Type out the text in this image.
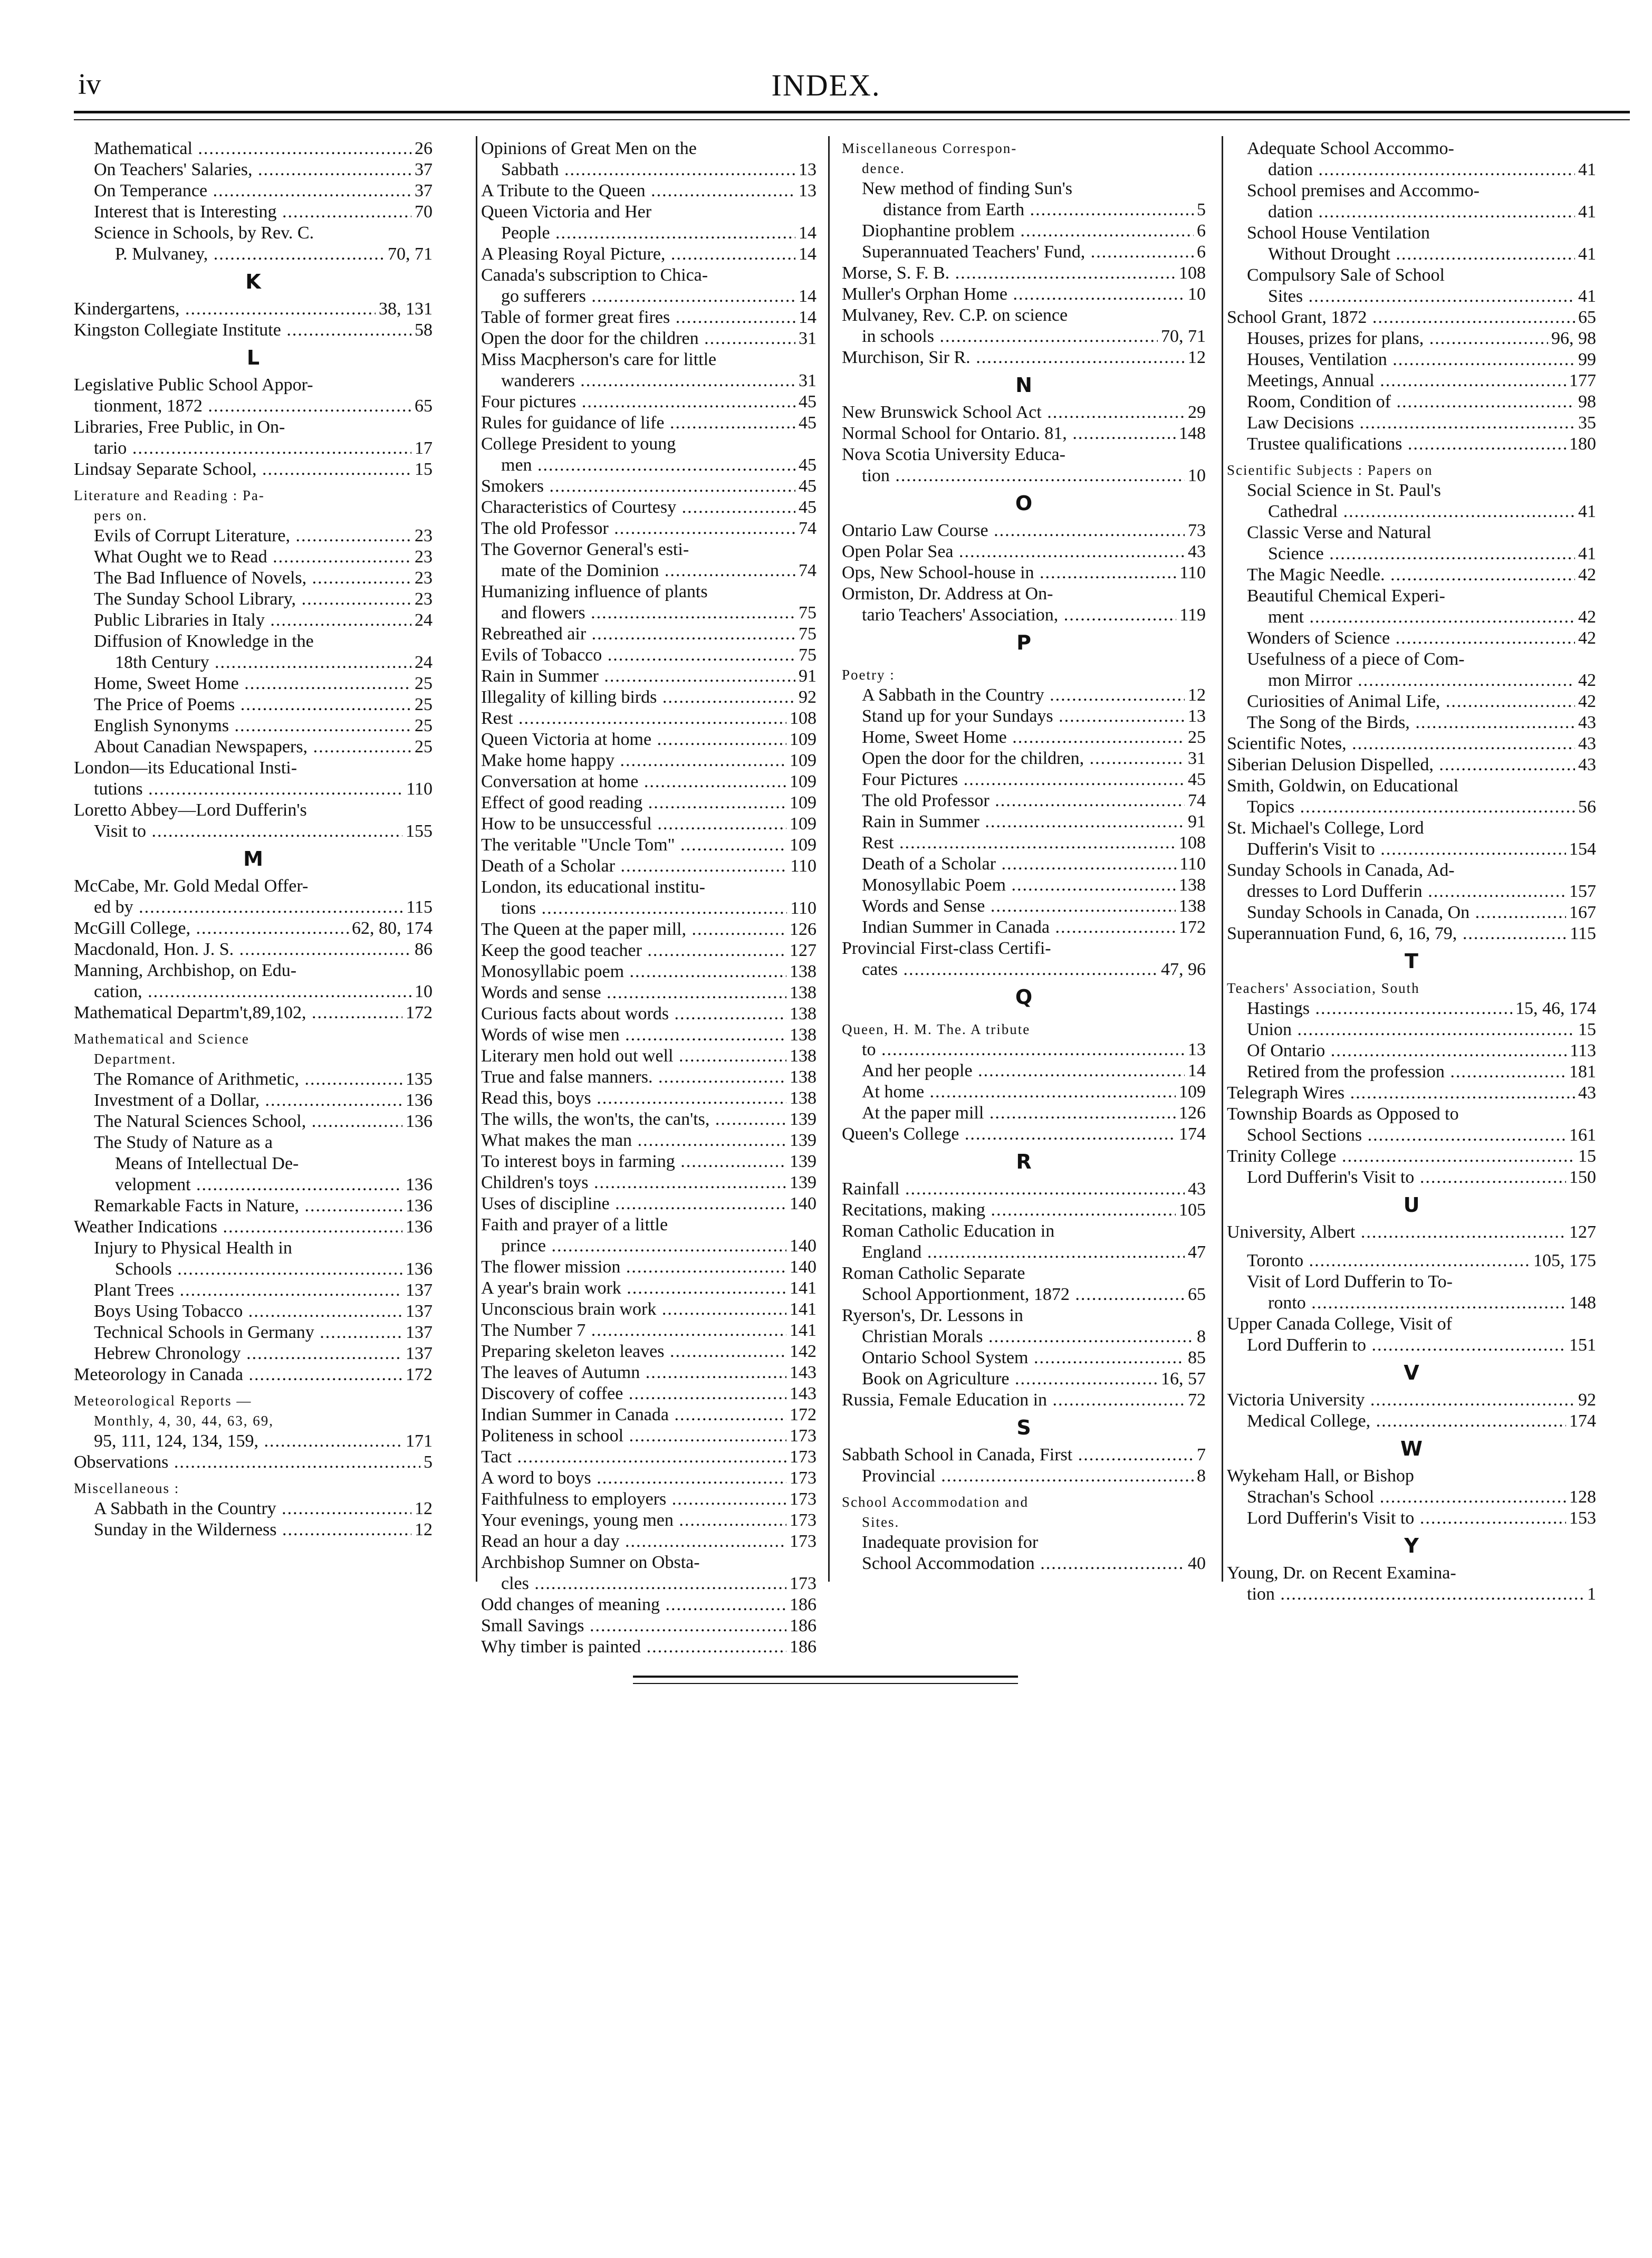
iv	INDEX.
Mathematical .....	26
On Teachers' Salaries, .....	37
On Temperance .....	37
Interest that is Interesting .....	70
Science in Schools, by Rev. C.
P. Mulvaney, .....	70, 71
K
Kindergartens, .....	38, 131
Kingston Collegiate Institute .....	58
L
Legislative Public School Appor-
tionment, 1872 .....	65
Libraries, Free Public, in On-
tario .....	17
Lindsay Separate School, .....	15
Literature and Reading : Pa-
pers on.
Evils of Corrupt Literature, .....	23
What Ought we to Read .....	23
The Bad Influence of Novels, .....	23
The Sunday School Library, .....	23
Public Libraries in Italy .....	24
Diffusion of Knowledge in the
18th Century .....	24
Home, Sweet Home .....	25
The Price of Poems .....	25
English Synonyms .....	25
About Canadian Newspapers, .....	25
London—its Educational Insti-
tutions .....	110
Loretto Abbey—Lord Dufferin's
Visit to .....	155
M
McCabe, Mr. Gold Medal Offer-
ed by .....	115
McGill College, .....	62, 80, 174
Macdonald, Hon. J. S. .....	86
Manning, Archbishop, on Edu-
cation, .....	10
Mathematical Departm't,89,102, .....	172
Mathematical and Science
Department.
The Romance of Arithmetic, .....	135
Investment of a Dollar, .....	136
The Natural Sciences School, .....	136
The Study of Nature as a
Means of Intellectual De-
velopment .....	136
Remarkable Facts in Nature, .....	136
Weather Indications .....	136
Injury to Physical Health in
Schools .....	136
Plant Trees .....	137
Boys Using Tobacco .....	137
Technical Schools in Germany .....	137
Hebrew Chronology .....	137
Meteorology in Canada .....	172
Meteorological Reports —
Monthly, 4, 30, 44, 63, 69,
95, 111, 124, 134, 159, .....	171
Observations .....	5
Miscellaneous :
A Sabbath in the Country .....	12
Sunday in the Wilderness .....	12
Opinions of Great Men on the
Sabbath .....	13
A Tribute to the Queen .....	13
Queen Victoria and Her
People .....	14
A Pleasing Royal Picture, .....	14
Canada's subscription to Chica-
go sufferers .....	14
Table of former great fires .....	14
Open the door for the children .....	31
Miss Macpherson's care for little
wanderers .....	31
Four pictures .....	45
Rules for guidance of life .....	45
College President to young
men .....	45
Smokers .....	45
Characteristics of Courtesy .....	45
The old Professor .....	74
The Governor General's esti-
mate of the Dominion .....	74
Humanizing influence of plants
and flowers .....	75
Rebreathed air .....	75
Evils of Tobacco .....	75
Rain in Summer .....	91
Illegality of killing birds .....	92
Rest .....	108
Queen Victoria at home .....	109
Make home happy .....	109
Conversation at home .....	109
Effect of good reading .....	109
How to be unsuccessful .....	109
The veritable "Uncle Tom" .....	109
Death of a Scholar .....	110
London, its educational institu-
tions .....	110
The Queen at the paper mill, .....	126
Keep the good teacher .....	127
Monosyllabic poem .....	138
Words and sense .....	138
Curious facts about words .....	138
Words of wise men .....	138
Literary men hold out well .....	138
True and false manners. .....	138
Read this, boys .....	138
The wills, the won'ts, the can'ts, .....	139
What makes the man .....	139
To interest boys in farming .....	139
Children's toys .....	139
Uses of discipline .....	140
Faith and prayer of a little
prince .....	140
The flower mission .....	140
A year's brain work .....	141
Unconscious brain work .....	141
The Number 7 .....	141
Preparing skeleton leaves .....	142
The leaves of Autumn .....	143
Discovery of coffee .....	143
Indian Summer in Canada .....	172
Politeness in school .....	173
Tact .....	173
A word to boys .....	173
Faithfulness to employers .....	173
Your evenings, young men .....	173
Read an hour a day .....	173
Archbishop Sumner on Obsta-
cles .....	173
Odd changes of meaning .....	186
Small Savings .....	186
Why timber is painted .....	186
Miscellaneous Correspon-
dence.
New method of finding Sun's
distance from Earth .....	5
Diophantine problem .....	6
Superannuated Teachers' Fund, .....	6
Morse, S. F. B. .....	108
Muller's Orphan Home .....	10
Mulvaney, Rev. C.P. on science
in schools .....	70, 71
Murchison, Sir R. .....	12
N
New Brunswick School Act .....	29
Normal School for Ontario. 81, .....	148
Nova Scotia University Educa-
tion .....	10
O
Ontario Law Course .....	73
Open Polar Sea .....	43
Ops, New School-house in .....	110
Ormiston, Dr. Address at On-
tario Teachers' Association, .....	119
P
Poetry :
A Sabbath in the Country .....	12
Stand up for your Sundays .....	13
Home, Sweet Home .....	25
Open the door for the children, .....	31
Four Pictures .....	45
The old Professor .....	74
Rain in Summer .....	91
Rest .....	108
Death of a Scholar .....	110
Monosyllabic Poem .....	138
Words and Sense .....	138
Indian Summer in Canada .....	172
Provincial First-class Certifi-
cates .....	47, 96
Q
Queen, H. M. The. A tribute
to .....	13
And her people .....	14
At home .....	109
At the paper mill .....	126
Queen's College .....	174
R
Rainfall .....	43
Recitations, making .....	105
Roman Catholic Education in
England .....	47
Roman Catholic Separate
School Apportionment, 1872 .....	65
Ryerson's, Dr. Lessons in
Christian Morals .....	8
Ontario School System .....	85
Book on Agriculture .....	16, 57
Russia, Female Education in .....	72
S
Sabbath School in Canada, First .....	7
Provincial .....	8
School Accommodation and
Sites.
Inadequate provision for
School Accommodation .....	40
Adequate School Accommo-
dation .....	41
School premises and Accommo-
dation .....	41
School House Ventilation
Without Drought .....	41
Compulsory Sale of School
Sites .....	41
School Grant, 1872 .....	65
Houses, prizes for plans, .....	96, 98
Houses, Ventilation .....	99
Meetings, Annual .....	177
Room, Condition of .....	98
Law Decisions .....	35
Trustee qualifications .....	180
Scientific Subjects : Papers on
Social Science in St. Paul's
Cathedral .....	41
Classic Verse and Natural
Science .....	41
The Magic Needle. .....	42
Beautiful Chemical Experi-
ment .....	42
Wonders of Science .....	42
Usefulness of a piece of Com-
mon Mirror .....	42
Curiosities of Animal Life, .....	42
The Song of the Birds, .....	43
Scientific Notes, .....	43
Siberian Delusion Dispelled, .....	43
Smith, Goldwin, on Educational
Topics .....	56
St. Michael's College, Lord
Dufferin's Visit to .....	154
Sunday Schools in Canada, Ad-
dresses to Lord Dufferin .....	157
Sunday Schools in Canada, On .....	167
Superannuation Fund, 6, 16, 79, .....	115
T
Teachers' Association, South
Hastings .....	15, 46, 174
Union .....	15
Of Ontario .....	113
Retired from the profession .....	181
Telegraph Wires .....	43
Township Boards as Opposed to
School Sections .....	161
Trinity College .....	15
Lord Dufferin's Visit to .....	150
U
University, Albert .....	127
Toronto .....	105, 175
Visit of Lord Dufferin to To-
ronto .....	148
Upper Canada College, Visit of
Lord Dufferin to .....	151
V
Victoria University .....	92
Medical College, .....	174
W
Wykeham Hall, or Bishop
Strachan's School .....	128
Lord Dufferin's Visit to .....	153
Y
Young, Dr. on Recent Examina-
tion .....	1
